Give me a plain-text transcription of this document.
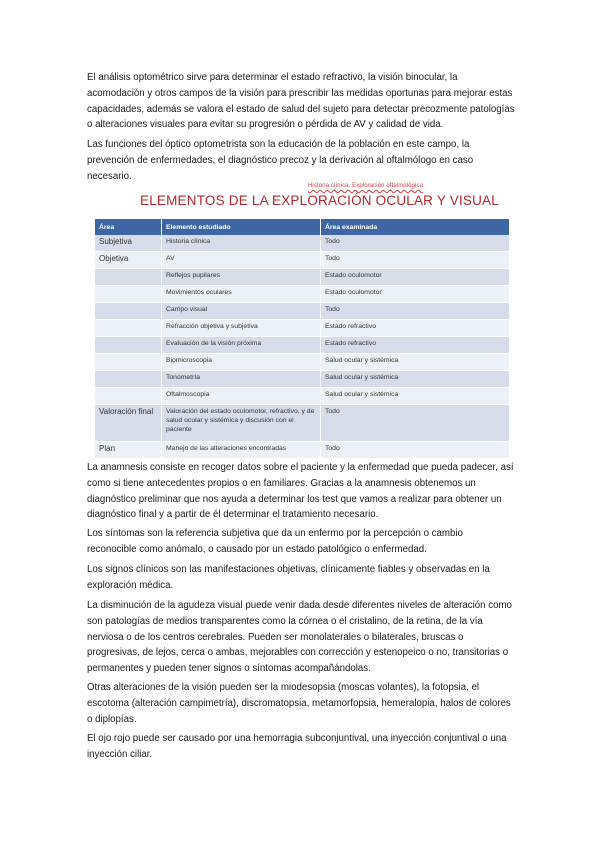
El análisis optométrico sirve para determinar el estado refractivo, la visión binocular, la acomodación y otros campos de la visión para prescribir las medidas oportunas para mejorar estas capacidades, además se valora el estado de salud del sujeto para detectar precozmente patologías o alteraciones visuales para evitar su progresión o pérdida de AV y calidad de vida.

Las funciones del óptico optometrista son la educación de la población en este campo, la prevención de enfermedades, el diagnóstico precoz y la derivación al oftalmólogo en caso necesario.

Historia clínica. Exploración oftalmológica
ELEMENTOS DE LA EXPLORACIÓN OCULAR Y VISUAL
Área	Elemento estudiado	Área examinada
Subjetiva	Historia clínica	Todo
Objetiva	AV	Todo
	Reflejos pupilares	Estado oculomotor
	Movimientos oculares	Estado oculomotor
	Campo visual	Todo
	Refracción objetiva y subjetiva	Estado refractivo
	Evaluación de la visión próxima	Estado refractivo
	Biomicroscopia	Salud ocular y sistémica
	Tonometría	Salud ocular y sistémica
	Oftalmoscopia	Salud ocular y sistémica
Valoración final	Valoración del estado oculomotor, refractivo, y de salud ocular y sistémica y discusión con el paciente	Todo
Plan	Manejo de las alteraciones encontradas	Todo

La anamnesis consiste en recoger datos sobre el paciente y la enfermedad que pueda padecer, así como si tiene antecedentes propios o en familiares. Gracias a la anamnesis obtenemos un diagnóstico preliminar que nos ayuda a determinar los test que vamos a realizar para obtener un diagnóstico final y a partir de él determinar el tratamiento necesario.

Los síntomas son la referencia subjetiva que da un enfermo por la percepción o cambio reconocible como anómalo, o causado por un estado patológico o enfermedad.

Los signos clínicos son las manifestaciones objetivas, clínicamente fiables y observadas en la exploración médica.

La disminución de la agudeza visual puede venir dada desde diferentes niveles de alteración como son patologías de medios transparentes como la córnea o el cristalino, de la retina, de la vía nerviosa o de los centros cerebrales. Pueden ser monolaterales o bilaterales, bruscas o progresivas, de lejos, cerca o ambas, mejorables con corrección y estenopeico o no, transitorias o permanentes y pueden tener signos o síntomas acompañándolas.

Otras alteraciones de la visión pueden ser la miodesopsia (moscas volantes), la fotopsia, el escotoma (alteración campimetría), discromatopsia, metamorfopsia, hemeralopia, halos de colores o diplopías.

El ojo rojo puede ser causado por una hemorragia subconjuntival, una inyección conjuntival o una inyección ciliar.
